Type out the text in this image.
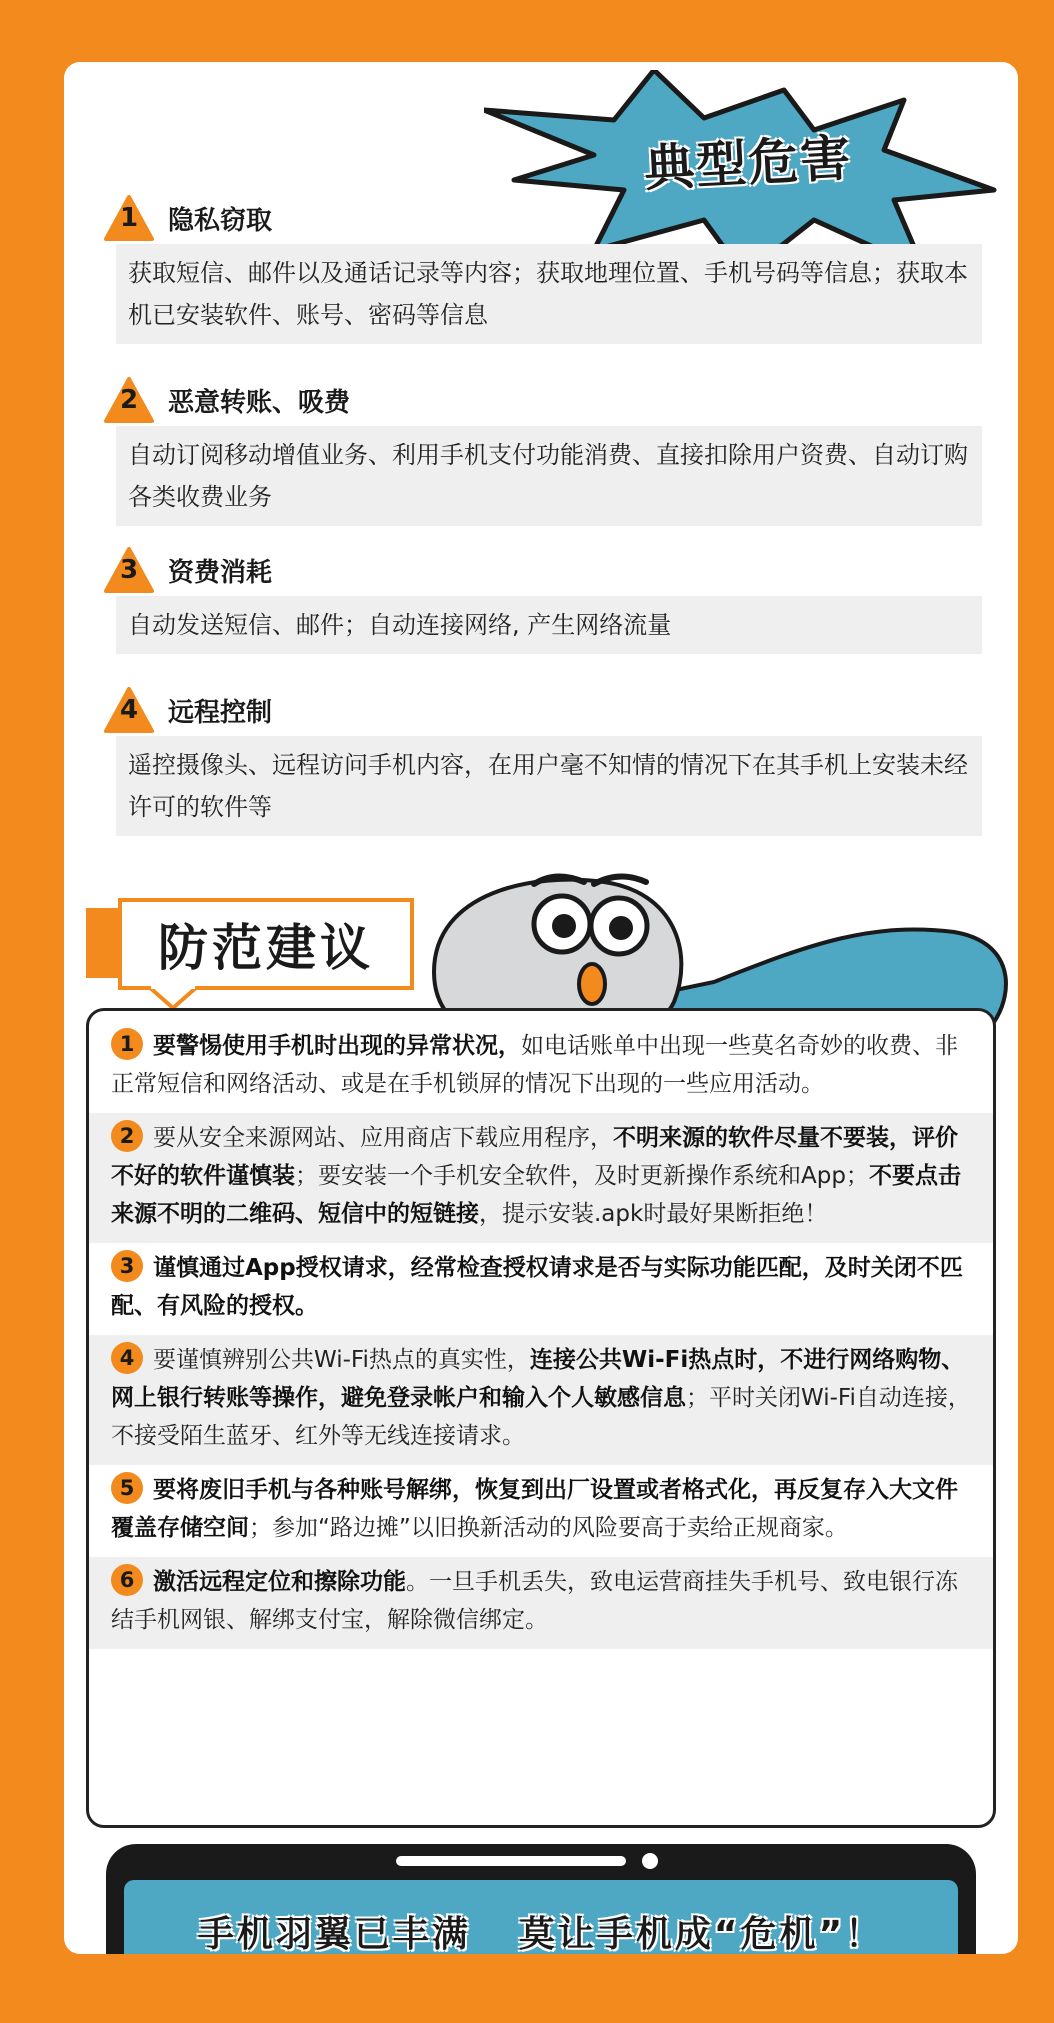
典型危害
1	隐私窃取
获取短信、邮件以及通话记录等内容；获取地理位置、手机号码等信息；获取本机已安装软件、账号、密码等信息
2	恶意转账、吸费
自动订阅移动增值业务、利用手机支付功能消费、直接扣除用户资费、自动订购各类收费业务
3	资费消耗
自动发送短信、邮件；自动连接网络, 产生网络流量
4	远程控制
遥控摄像头、远程访问手机内容，在用户毫不知情的情况下在其手机上安装未经许可的软件等
防范建议
1 要警惕使用手机时出现的异常状况，如电话账单中出现一些莫名奇妙的收费、非正常短信和网络活动、或是在手机锁屏的情况下出现的一些应用活动。
2 要从安全来源网站、应用商店下载应用程序，不明来源的软件尽量不要装，评价不好的软件谨慎装；要安装一个手机安全软件，及时更新操作系统和App；不要点击来源不明的二维码、短信中的短链接，提示安装.apk时最好果断拒绝！
3 谨慎通过App授权请求，经常检查授权请求是否与实际功能匹配，及时关闭不匹配、有风险的授权。
4 要谨慎辨别公共Wi-Fi热点的真实性，连接公共Wi-Fi热点时，不进行网络购物、网上银行转账等操作，避免登录帐户和输入个人敏感信息；平时关闭Wi-Fi自动连接，不接受陌生蓝牙、红外等无线连接请求。
5 要将废旧手机与各种账号解绑，恢复到出厂设置或者格式化，再反复存入大文件覆盖存储空间；参加“路边摊”以旧换新活动的风险要高于卖给正规商家。
6 激活远程定位和擦除功能。一旦手机丢失，致电运营商挂失手机号、致电银行冻结手机网银、解绑支付宝，解除微信绑定。
手机羽翼已丰满 莫让手机成“危机”！
